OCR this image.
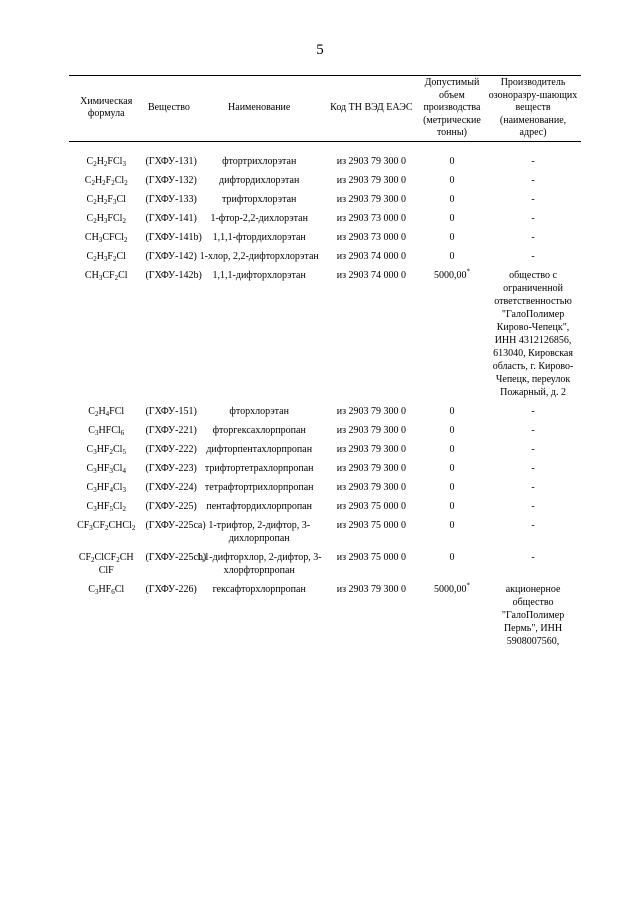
5
Химическая формула	Вещество	Наименование	Код ТН ВЭД ЕАЭС	Допустимый объем производства (метрические тонны)	Производитель озоноразру-шающих веществ (наименование, адрес)
$C_2H_2FCl_3$	(ГХФУ-131)	фтортрихлорэтан	из 2903 79 300 0	0	-
$C_2H_2F_2Cl_2$	(ГХФУ-132)	дифтордихлорэтан	из 2903 79 300 0	0	-
$C_2H_2F_3Cl$	(ГХФУ-133)	трифторхлорэтан	из 2903 79 300 0	0	-
$C_2H_3FCl_2$	(ГХФУ-141)	1-фтор-2,2-дихлорэтан	из 2903 73 000 0	0	-
$CH_3CFCl_2$	(ГХФУ-141b)	1,1,1-фтордихлорэтан	из 2903 73 000 0	0	-
$C_2H_3F_2Cl$	(ГХФУ-142)	1-хлор, 2,2-дифторхлорэтан	из 2903 74 000 0	0	-
$CH_3CF_2Cl$	(ГХФУ-142b)	1,1,1-дифторхлорэтан	из 2903 74 000 0	5000,00*	общество с ограниченной ответственностью "ГалоПолимер Кирово-Чепецк", ИНН 4312126856, 613040, Кировская область, г. Кирово-Чепецк, переулок Пожарный, д. 2
$C_2H_4FCl$	(ГХФУ-151)	фторхлорэтан	из 2903 79 300 0	0	-
$C_3HFCl_6$	(ГХФУ-221)	фторгексахлорпропан	из 2903 79 300 0	0	-
$C_3HF_2Cl_5$	(ГХФУ-222)	дифторпентахлорпропан	из 2903 79 300 0	0	-
$C_3HF_3Cl_4$	(ГХФУ-223)	трифтортетрахлорпропан	из 2903 79 300 0	0	-
$C_3HF_4Cl_3$	(ГХФУ-224)	тетрафтортрихлорпропан	из 2903 79 300 0	0	-
$C_3HF_5Cl_2$	(ГХФУ-225)	пентафтордихлорпропан	из 2903 75 000 0	0	-
$CF_3CF_2CHCl_2$	(ГХФУ-225ca)	1-трифтор, 2-дифтор, 3-дихлорпропан	из 2903 75 000 0	0	-
$CF_2ClCF_2CH$ ClF	(ГХФУ-225cb)	1,1-дифторхлор, 2-дифтор, 3-хлорфторпропан	из 2903 75 000 0	0	-
$C_3HF_6Cl$	(ГХФУ-226)	гексафторхлорпропан	из 2903 79 300 0	5000,00*	акционерное общество "ГалоПолимер Пермь", ИНН 5908007560,
